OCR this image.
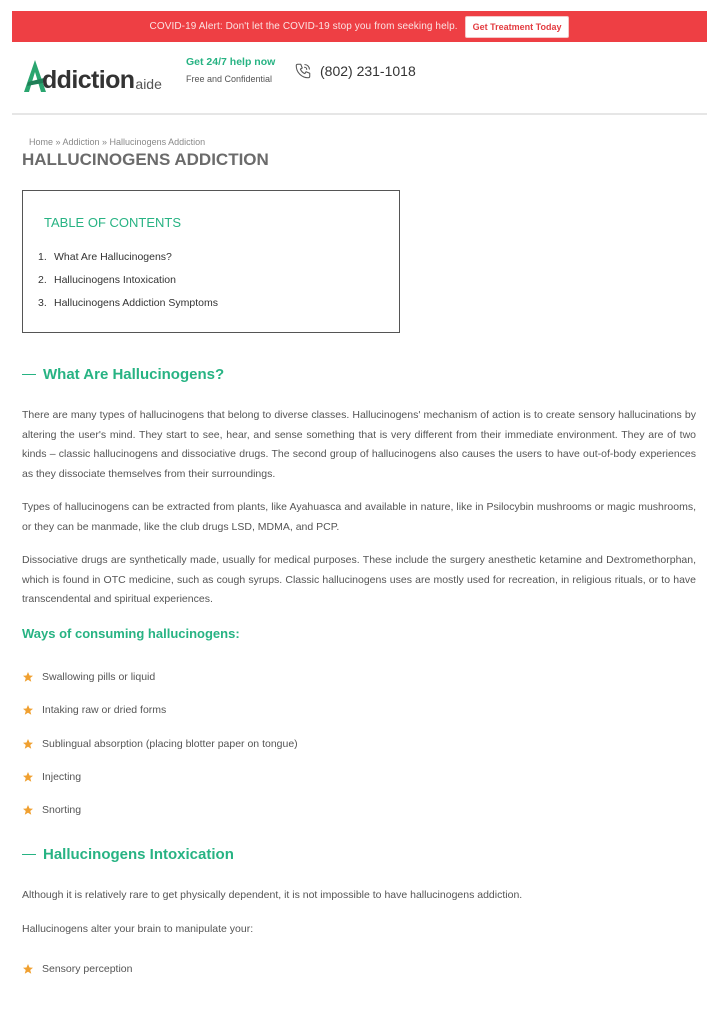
COVID-19 Alert: Don't let the COVID-19 stop you from seeking help.	Get Treatment Today
ddiction aide
Get 24/7 help now
Free and Confidential	(802) 231-1018
Home » Addiction » Hallucinogens Addiction
HALLUCINOGENS ADDICTION
TABLE OF CONTENTS
1. What Are Hallucinogens?
2. Hallucinogens Intoxication
3. Hallucinogens Addiction Symptoms
What Are Hallucinogens?

There are many types of hallucinogens that belong to diverse classes. Hallucinogens' mechanism of action is to create sensory hallucinations by altering the user's mind. They start to see, hear, and sense something that is very different from their immediate environment. They are of two kinds – classic hallucinogens and dissociative drugs. The second group of hallucinogens also causes the users to have out-of-body experiences as they dissociate themselves from their surroundings.

Types of hallucinogens can be extracted from plants, like Ayahuasca and available in nature, like in Psilocybin mushrooms or magic mushrooms, or they can be manmade, like the club drugs LSD, MDMA, and PCP.

Dissociative drugs are synthetically made, usually for medical purposes. These include the surgery anesthetic ketamine and Dextromethorphan, which is found in OTC medicine, such as cough syrups. Classic hallucinogens uses are mostly used for recreation, in religious rituals, or to have transcendental and spiritual experiences.

Ways of consuming hallucinogens:
Swallowing pills or liquid
Intaking raw or dried forms
Sublingual absorption (placing blotter paper on tongue)
Injecting
Snorting
Hallucinogens Intoxication

Although it is relatively rare to get physically dependent, it is not impossible to have hallucinogens addiction.

Hallucinogens alter your brain to manipulate your:

Sensory perception
